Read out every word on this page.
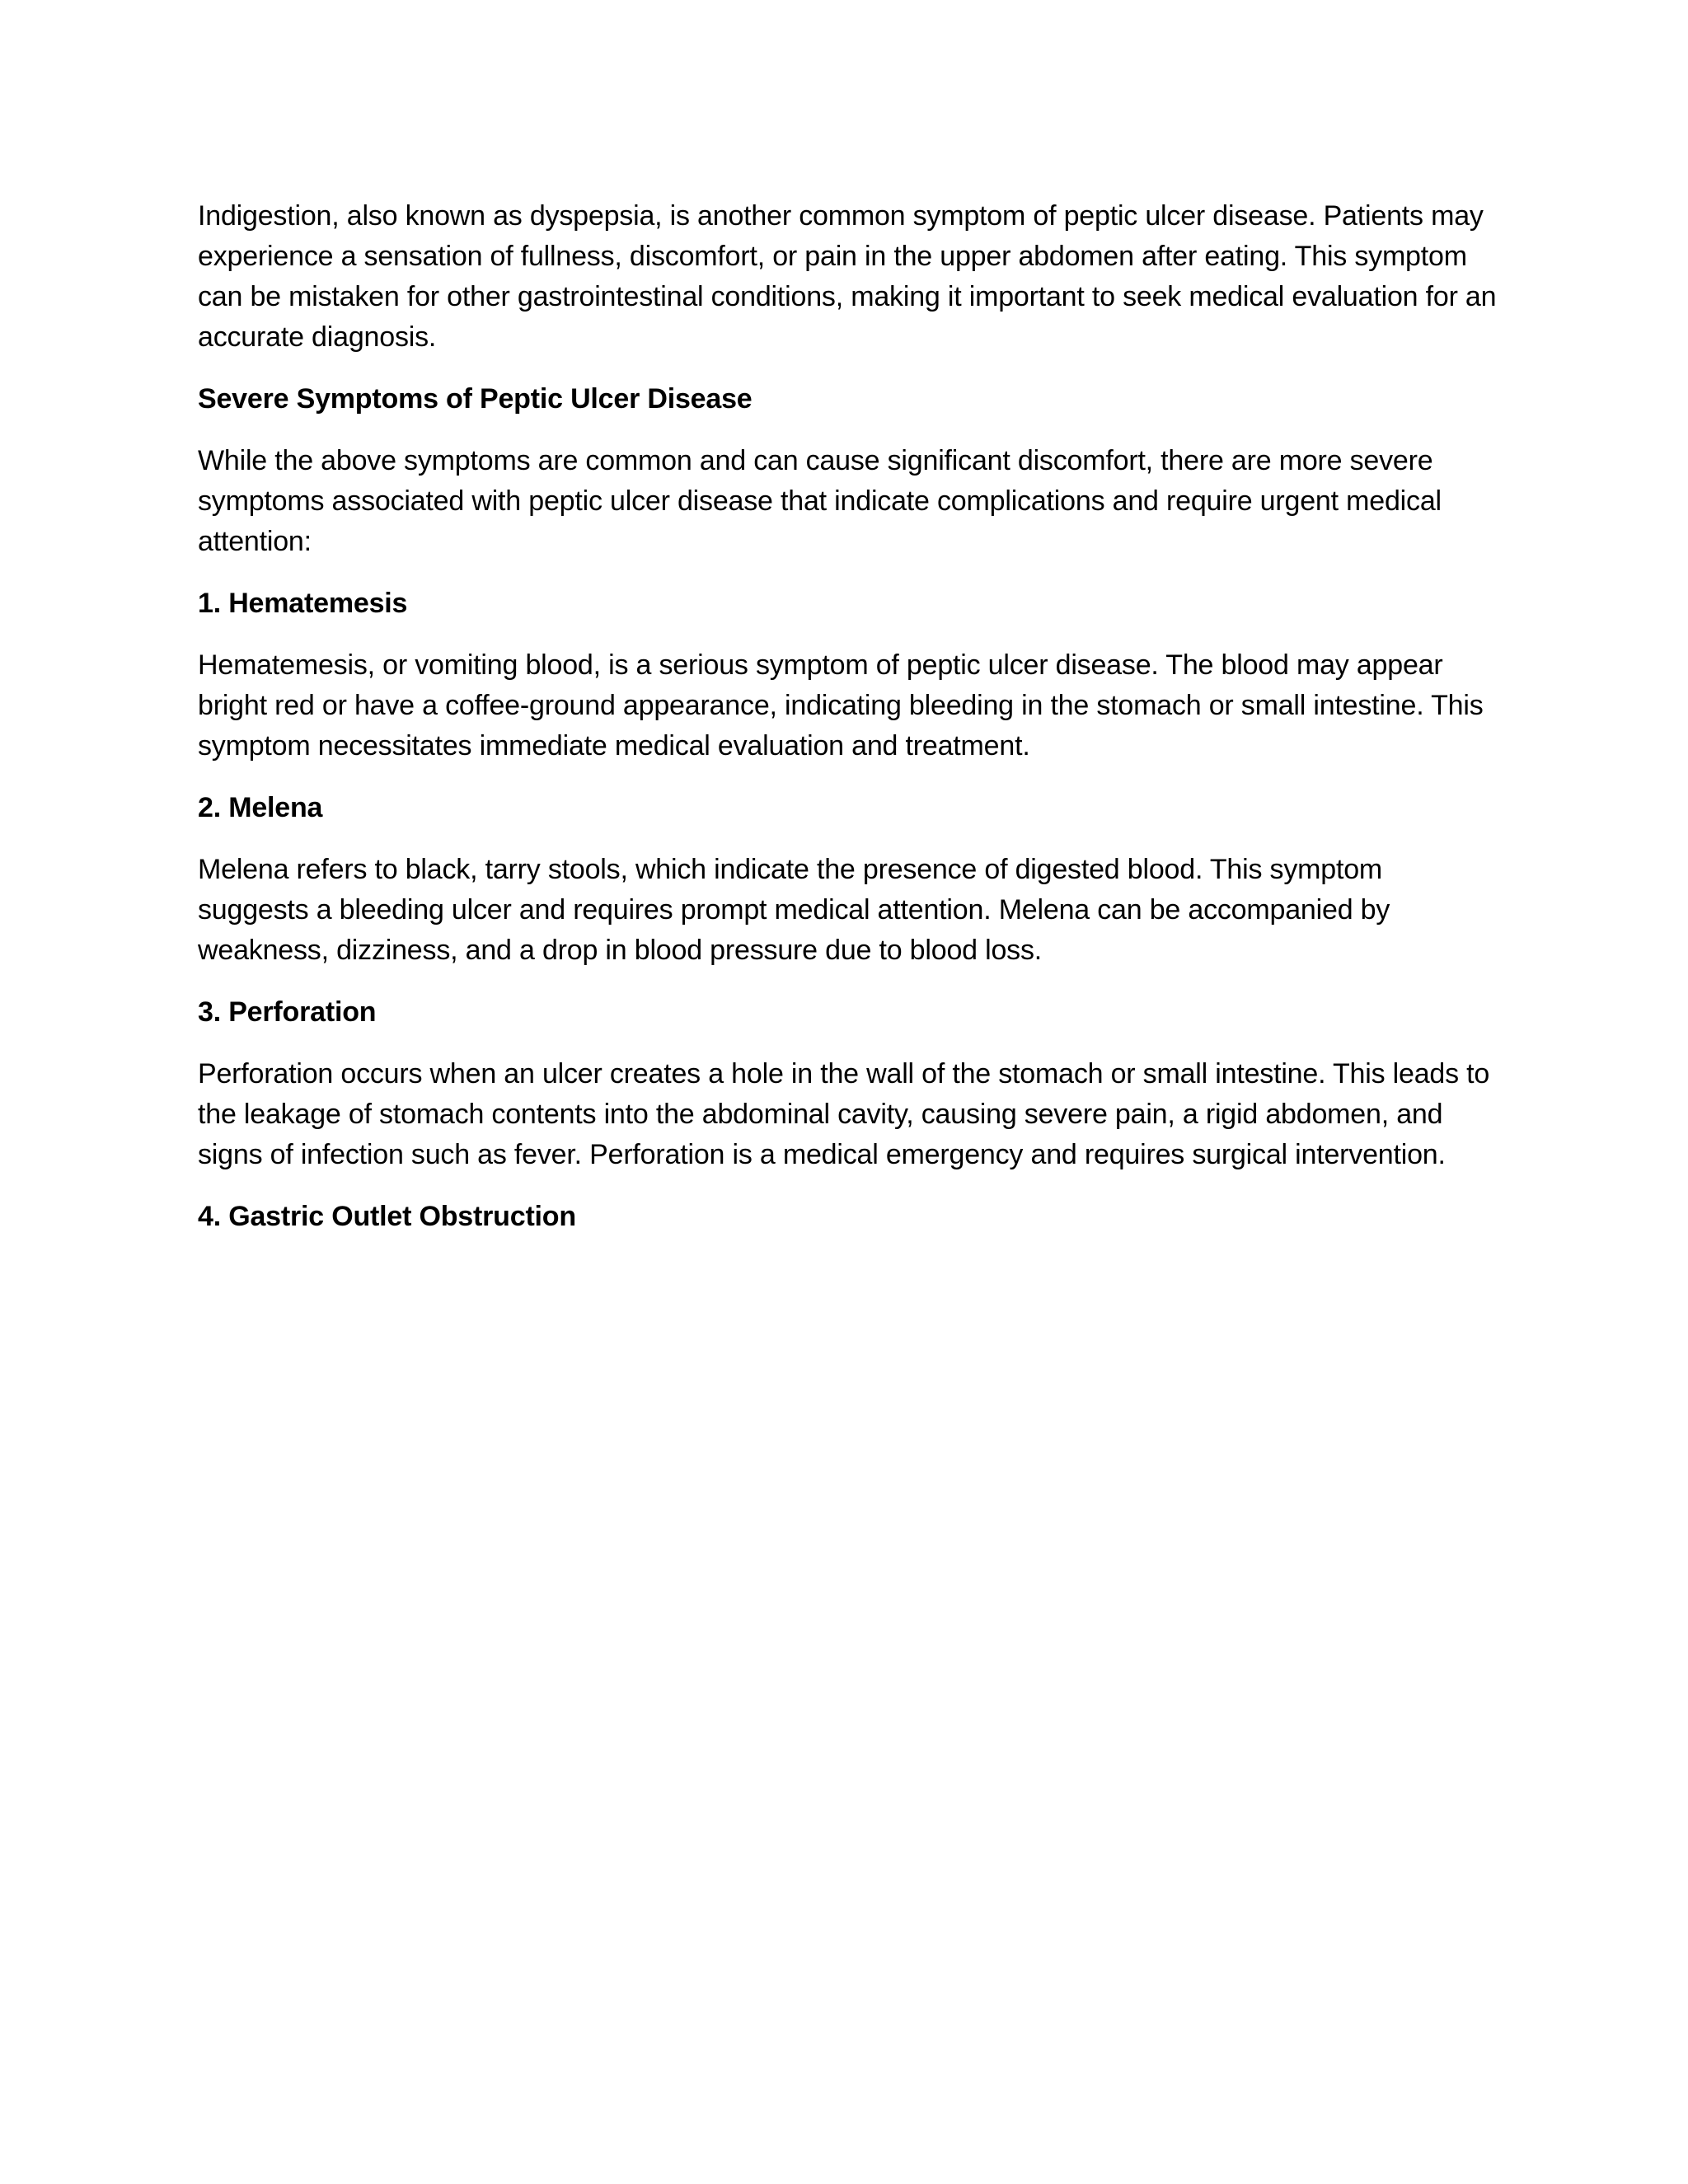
Indigestion, also known as dyspepsia, is another common symptom of peptic ulcer disease. Patients may experience a sensation of fullness, discomfort, or pain in the upper abdomen after eating. This symptom can be mistaken for other gastrointestinal conditions, making it important to seek medical evaluation for an accurate diagnosis.

Severe Symptoms of Peptic Ulcer Disease

While the above symptoms are common and can cause significant discomfort, there are more severe symptoms associated with peptic ulcer disease that indicate complications and require urgent medical attention:

1. Hematemesis

Hematemesis, or vomiting blood, is a serious symptom of peptic ulcer disease. The blood may appear bright red or have a coffee-ground appearance, indicating bleeding in the stomach or small intestine. This symptom necessitates immediate medical evaluation and treatment.

2. Melena

Melena refers to black, tarry stools, which indicate the presence of digested blood. This symptom suggests a bleeding ulcer and requires prompt medical attention. Melena can be accompanied by weakness, dizziness, and a drop in blood pressure due to blood loss.

3. Perforation

Perforation occurs when an ulcer creates a hole in the wall of the stomach or small intestine. This leads to the leakage of stomach contents into the abdominal cavity, causing severe pain, a rigid abdomen, and signs of infection such as fever. Perforation is a medical emergency and requires surgical intervention.

4. Gastric Outlet Obstruction
